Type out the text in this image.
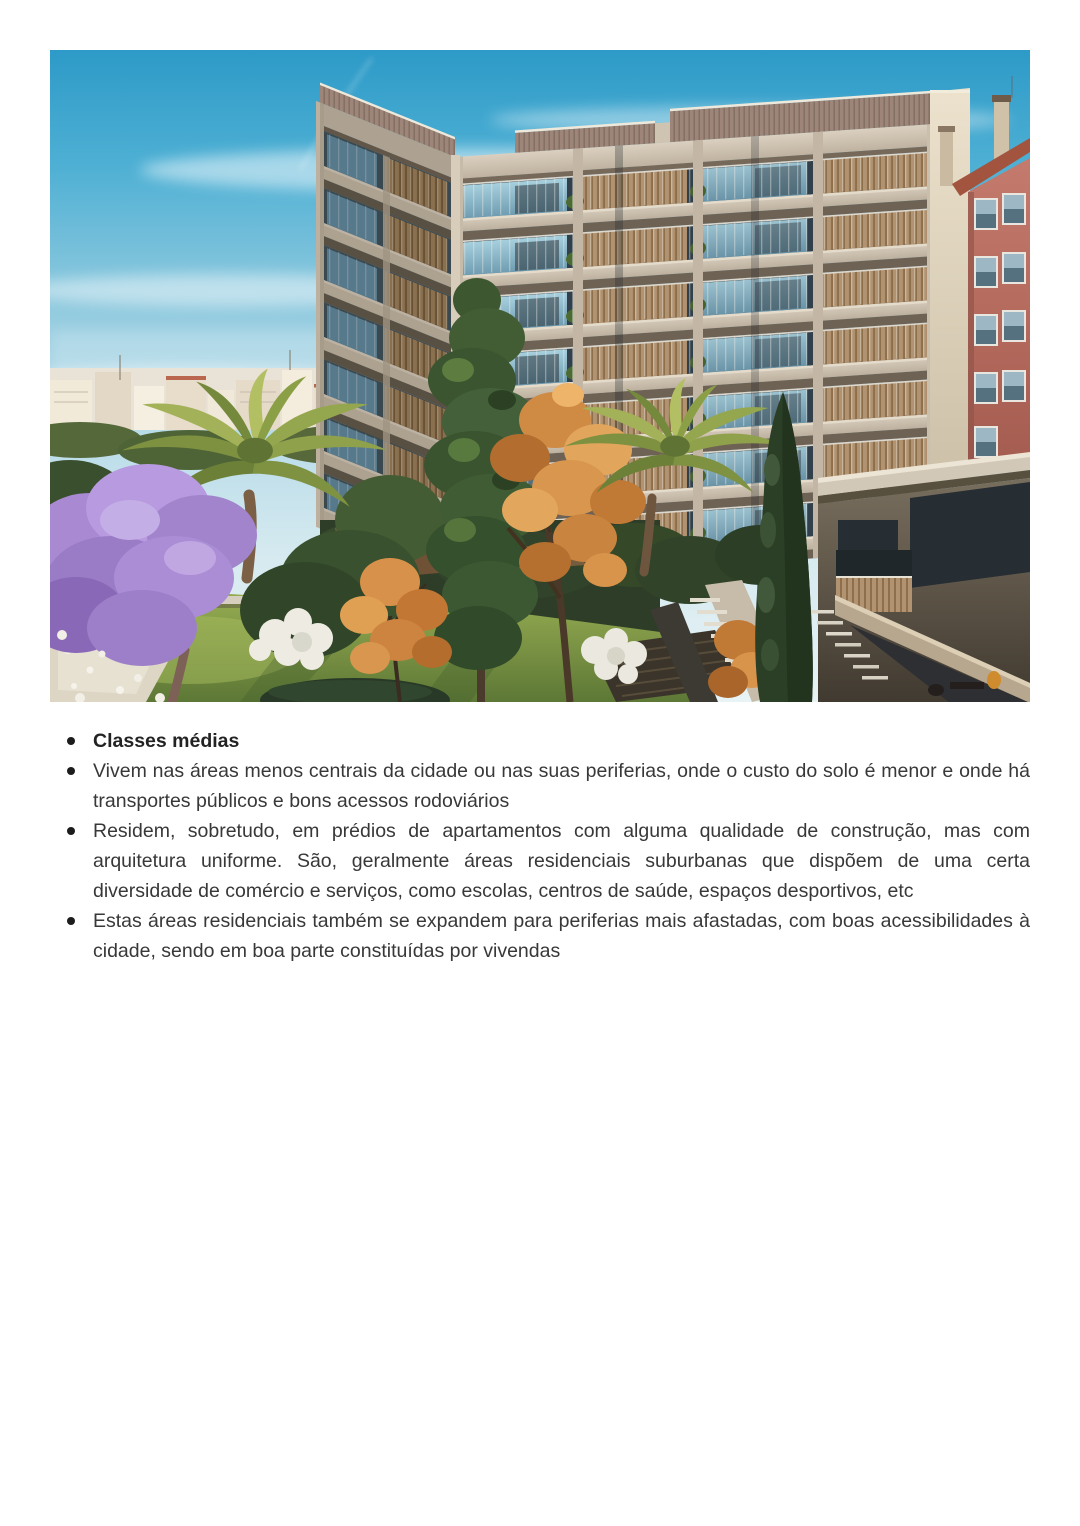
Classes médias
Vivem nas áreas menos centrais da cidade ou nas suas periferias, onde o custo do solo é menor e onde há transportes públicos e bons acessos rodoviários
Residem, sobretudo, em prédios de apartamentos com alguma qualidade de construção, mas com arquitetura uniforme. São, geralmente áreas residenciais suburbanas que dispõem de uma certa diversidade de comércio e serviços, como escolas, centros de saúde, espaços desportivos, etc
Estas áreas residenciais também se expandem para periferias mais afastadas, com boas acessibilidades à cidade, sendo em boa parte constituídas por vivendas
